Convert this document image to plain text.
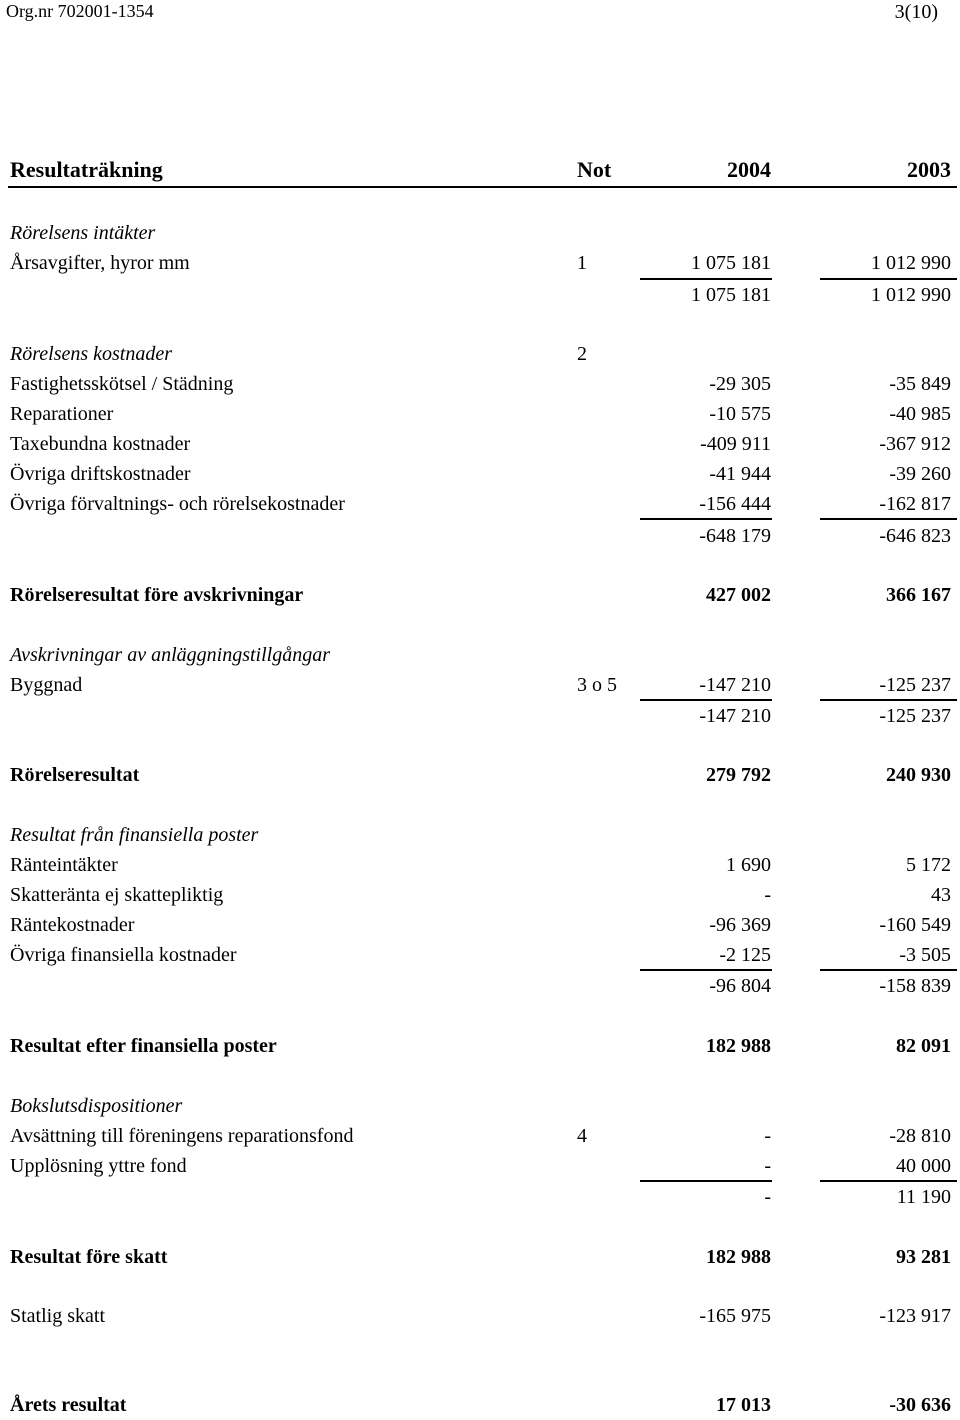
Org.nr 702001-1354	3(10)
Resultaträkning	Not	2004	2003
Rörelsens intäkter
Årsavgifter, hyror mm	1	1 075 181	1 012 990
1 075 181	1 012 990
Rörelsens kostnader	2
Fastighetsskötsel / Städning	-29 305	-35 849
Reparationer	-10 575	-40 985
Taxebundna kostnader	-409 911	-367 912
Övriga driftskostnader	-41 944	-39 260
Övriga förvaltnings- och rörelsekostnader	-156 444	-162 817
-648 179	-646 823
Rörelseresultat före avskrivningar	427 002	366 167
Avskrivningar av anläggningstillgångar
Byggnad	3 o 5	-147 210	-125 237
-147 210	-125 237
Rörelseresultat	279 792	240 930
Resultat från finansiella poster
Ränteintäkter	1 690	5 172
Skatteränta ej skattepliktig	-	43
Räntekostnader	-96 369	-160 549
Övriga finansiella kostnader	-2 125	-3 505
-96 804	-158 839
Resultat efter finansiella poster	182 988	82 091
Bokslutsdispositioner
Avsättning till föreningens reparationsfond	4	-	-28 810
Upplösning yttre fond	-	40 000
-	11 190
Resultat före skatt	182 988	93 281
Statlig skatt	-165 975	-123 917
Årets resultat	17 013	-30 636
